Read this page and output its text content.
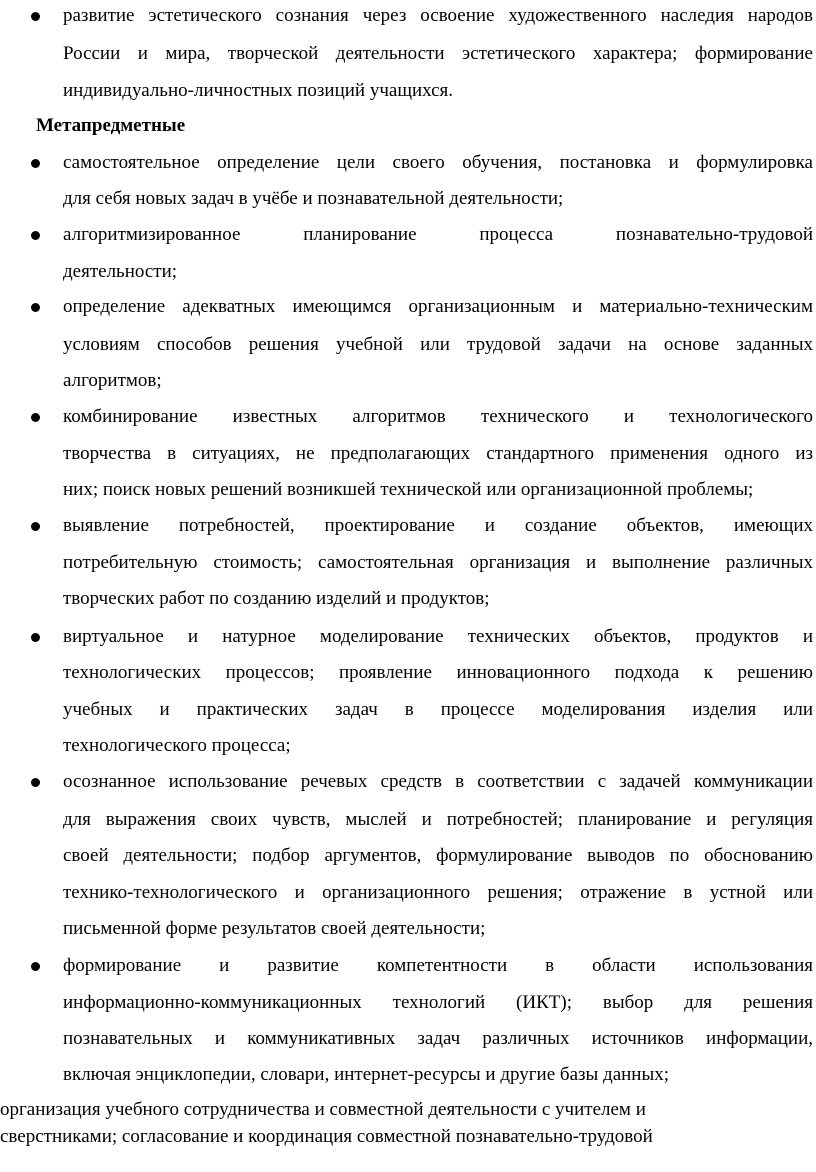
развитие эстетического сознания через освоение художественного наследия народов
России и мира, творческой деятельности эстетического характера; формирование
индивидуально-личностных позиций учащихся.
Метапредметные
самостоятельное определение цели своего обучения, постановка и формулировка
для себя новых задач в учёбе и познавательной деятельности;
алгоритмизированное планирование процесса познавательно-трудовой
деятельности;
определение адекватных имеющимся организационным и материально-техническим
условиям способов решения учебной или трудовой задачи на основе заданных
алгоритмов;
комбинирование известных алгоритмов технического и технологического
творчества в ситуациях, не предполагающих стандартного применения одного из
них; поиск новых решений возникшей технической или организационной проблемы;
выявление потребностей, проектирование и создание объектов, имеющих
потребительную стоимость; самостоятельная организация и выполнение различных
творческих работ по созданию изделий и продуктов;
виртуальное и натурное моделирование технических объектов, продуктов и
технологических процессов; проявление инновационного подхода к решению
учебных и практических задач в процессе моделирования изделия или
технологического процесса;
осознанное использование речевых средств в соответствии с задачей коммуникации
для выражения своих чувств, мыслей и потребностей; планирование и регуляция
своей деятельности; подбор аргументов, формулирование выводов по обоснованию
технико-технологического и организационного решения; отражение в устной или
письменной форме результатов своей деятельности;
формирование и развитие компетентности в области использования
информационно-коммуникационных технологий (ИКТ); выбор для решения
познавательных и коммуникативных задач различных источников информации,
включая энциклопедии, словари, интернет-ресурсы и другие базы данных;
организация учебного сотрудничества и совместной деятельности с учителем и
сверстниками; согласование и координация совместной познавательно-трудовой
